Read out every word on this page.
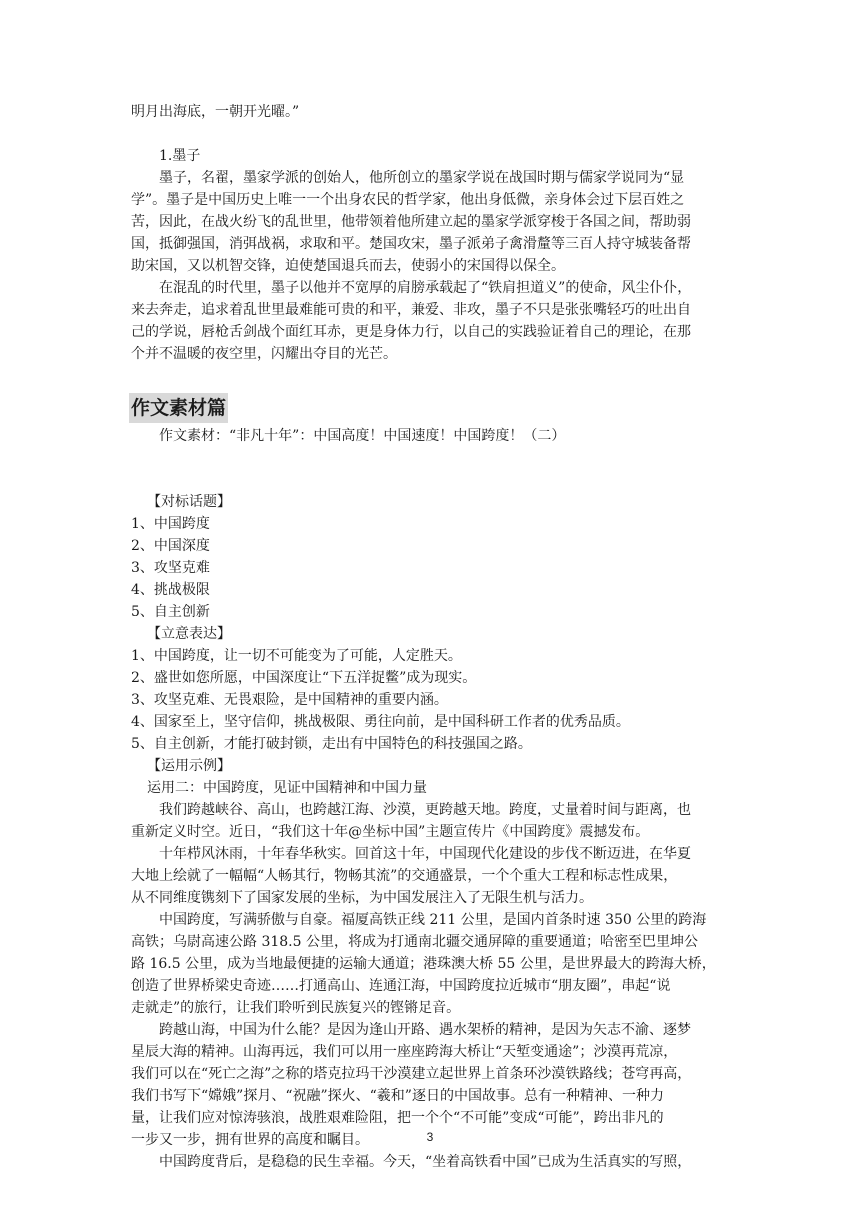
明月出海底，一朝开光曜。”
1.墨子
墨子，名翟，墨家学派的创始人，他所创立的墨家学说在战国时期与儒家学说同为“显
学”。墨子是中国历史上唯一一个出身农民的哲学家，他出身低微，亲身体会过下层百姓之
苦，因此，在战火纷飞的乱世里，他带领着他所建立起的墨家学派穿梭于各国之间，帮助弱
国，抵御强国，消弭战祸，求取和平。楚国攻宋，墨子派弟子禽滑釐等三百人持守城装备帮
助宋国，又以机智交锋，迫使楚国退兵而去，使弱小的宋国得以保全。
在混乱的时代里，墨子以他并不宽厚的肩膀承载起了“铁肩担道义”的使命，风尘仆仆，
来去奔走，追求着乱世里最难能可贵的和平，兼爱、非攻，墨子不只是张张嘴轻巧的吐出自
己的学说，唇枪舌剑战个面红耳赤，更是身体力行，以自己的实践验证着自己的理论，在那
个并不温暖的夜空里，闪耀出夺目的光芒。
作文素材篇
作文素材：“非凡十年”：中国高度！中国速度！中国跨度！（二）
【对标话题】
1、中国跨度
2、中国深度
3、攻坚克难
4、挑战极限
5、自主创新
【立意表达】
1、中国跨度，让一切不可能变为了可能，人定胜天。
2、盛世如您所愿，中国深度让“下五洋捉鳖”成为现实。
3、攻坚克难、无畏艰险，是中国精神的重要内涵。
4、国家至上，坚守信仰，挑战极限、勇往向前，是中国科研工作者的优秀品质。
5、自主创新，才能打破封锁，走出有中国特色的科技强国之路。
【运用示例】
运用二：中国跨度，见证中国精神和中国力量
我们跨越峡谷、高山，也跨越江海、沙漠，更跨越天地。跨度，丈量着时间与距离，也
重新定义时空。近日，“我们这十年@坐标中国”主题宣传片《中国跨度》震撼发布。
十年栉风沐雨，十年春华秋实。回首这十年，中国现代化建设的步伐不断迈进，在华夏
大地上绘就了一幅幅“人畅其行，物畅其流”的交通盛景，一个个重大工程和标志性成果，
从不同维度镌刻下了国家发展的坐标，为中国发展注入了无限生机与活力。
中国跨度，写满骄傲与自豪。福厦高铁正线 211 公里，是国内首条时速 350 公里的跨海
高铁；乌尉高速公路 318.5 公里，将成为打通南北疆交通屏障的重要通道；哈密至巴里坤公
路 16.5 公里，成为当地最便捷的运输大通道；港珠澳大桥 55 公里，是世界最大的跨海大桥，
创造了世界桥梁史奇迹……打通高山、连通江海，中国跨度拉近城市“朋友圈”，串起“说
走就走”的旅行，让我们聆听到民族复兴的铿锵足音。
跨越山海，中国为什么能？是因为逢山开路、遇水架桥的精神，是因为矢志不渝、逐梦
星辰大海的精神。山海再远，我们可以用一座座跨海大桥让“天堑变通途”；沙漠再荒凉，
我们可以在“死亡之海”之称的塔克拉玛干沙漠建立起世界上首条环沙漠铁路线；苍穹再高，
我们书写下“嫦娥”探月、“祝融”探火、“羲和”逐日的中国故事。总有一种精神、一种力
量，让我们应对惊涛骇浪，战胜艰难险阻，把一个个“不可能”变成“可能”，跨出非凡的
一步又一步，拥有世界的高度和瞩目。
中国跨度背后，是稳稳的民生幸福。今天，“坐着高铁看中国”已成为生活真实的写照，
3
